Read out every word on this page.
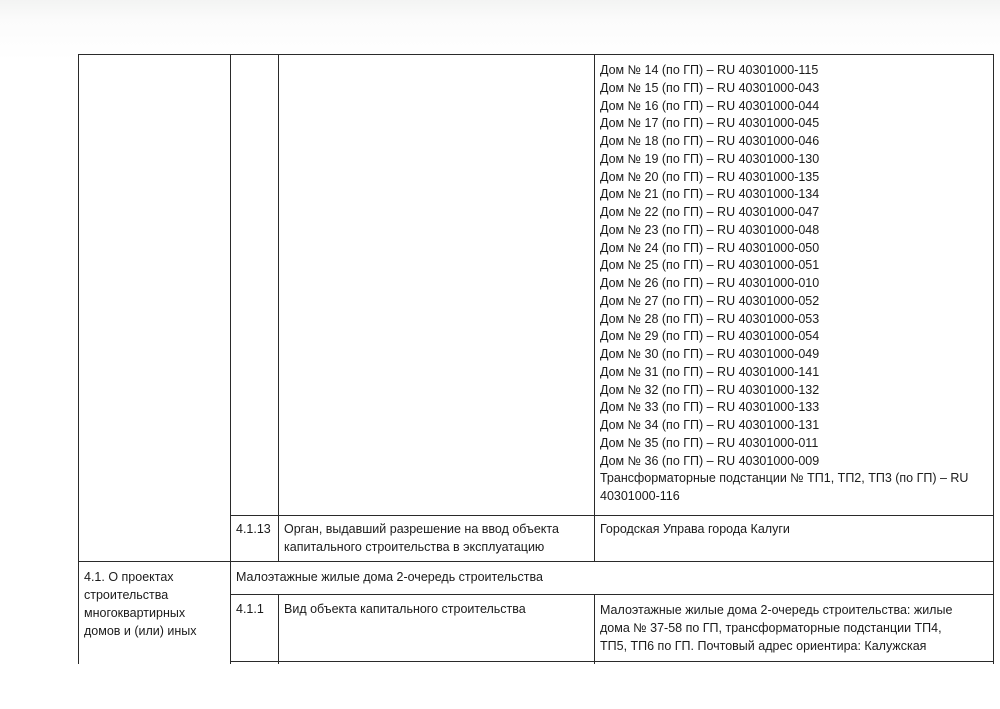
Дом № 14 (по ГП) – RU 40301000-115
Дом № 15 (по ГП) – RU 40301000-043
Дом № 16 (по ГП) – RU 40301000-044
Дом № 17 (по ГП) – RU 40301000-045
Дом № 18 (по ГП) – RU 40301000-046
Дом № 19 (по ГП) – RU 40301000-130
Дом № 20 (по ГП) – RU 40301000-135
Дом № 21 (по ГП) – RU 40301000-134
Дом № 22 (по ГП) – RU 40301000-047
Дом № 23 (по ГП) – RU 40301000-048
Дом № 24 (по ГП) – RU 40301000-050
Дом № 25 (по ГП) – RU 40301000-051
Дом № 26 (по ГП) – RU 40301000-010
Дом № 27 (по ГП) – RU 40301000-052
Дом № 28 (по ГП) – RU 40301000-053
Дом № 29 (по ГП) – RU 40301000-054
Дом № 30 (по ГП) – RU 40301000-049
Дом № 31 (по ГП) – RU 40301000-141
Дом № 32 (по ГП) – RU 40301000-132
Дом № 33 (по ГП) – RU 40301000-133
Дом № 34 (по ГП) – RU 40301000-131
Дом № 35 (по ГП) – RU 40301000-011
Дом № 36 (по ГП) – RU 40301000-009
Трансформаторные подстанции № ТП1, ТП2, ТП3 (по ГП) – RU
40301000-116
4.1.13 Орган, выдавший разрешение на ввод объекта
капитального строительства в эксплуатацию
Городская Управа города Калуги
4.1. О проектах
строительства
многоквартирных
домов и (или) иных
Малоэтажные жилые дома 2-очередь строительства
4.1.1 Вид объекта капитального строительства	Малоэтажные жилые дома 2-очередь строительства: жилые
дома № 37-58 по ГП, трансформаторные подстанции ТП4,
ТП5, ТП6 по ГП. Почтовый адрес ориентира: Калужская
